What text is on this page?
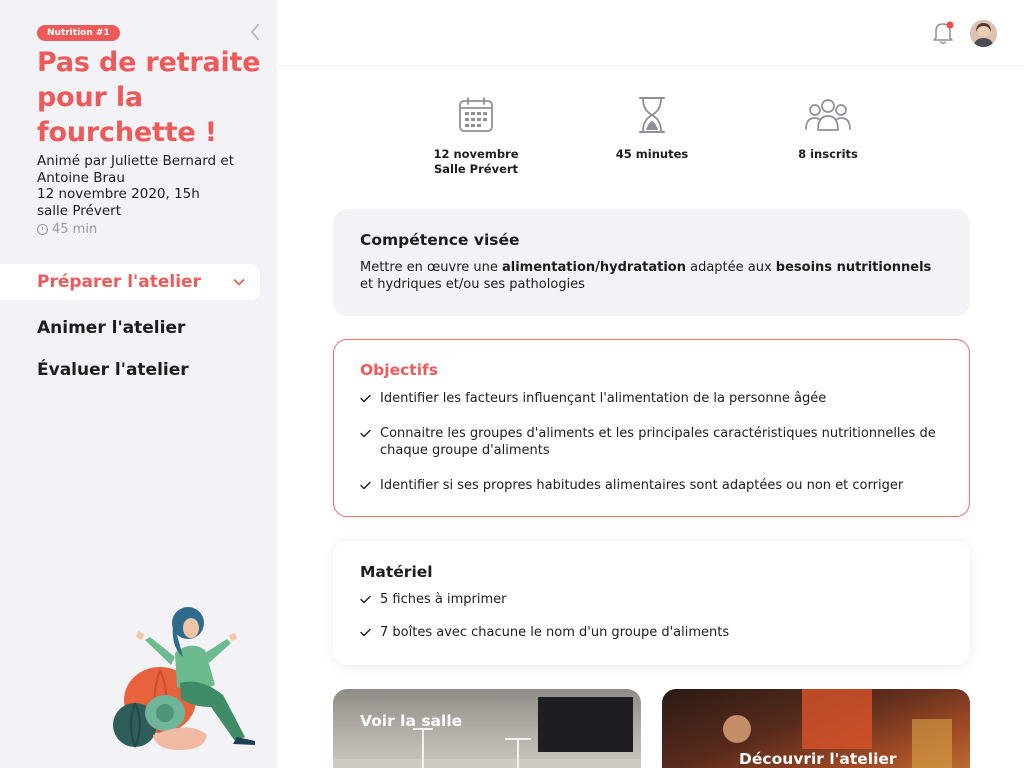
Nutrition #1
Pas de retraite pour la fourchette !
Animé par Juliette Bernard et Antoine Brau
12 novembre 2020, 15h
salle Prévert
45 min
Préparer l'atelier
Animer l'atelier
Évaluer l'atelier
12 novembre
Salle Prévert
45 minutes	8 inscrits
Compétence visée

Mettre en œuvre une alimentation/hydratation adaptée aux besoins nutritionnels et hydriques et/ou ses pathologies

Objectifs
Identifier les facteurs influençant l'alimentation de la personne âgée
Connaitre les groupes d'aliments et les principales caractéristiques nutritionnelles de chaque groupe d'aliments
Identifier si ses propres habitudes alimentaires sont adaptées ou non et corriger
Matériel
5 fiches à imprimer
7 boîtes avec chacune le nom d'un groupe d'aliments
Voir la salle
Découvrir l'atelier
